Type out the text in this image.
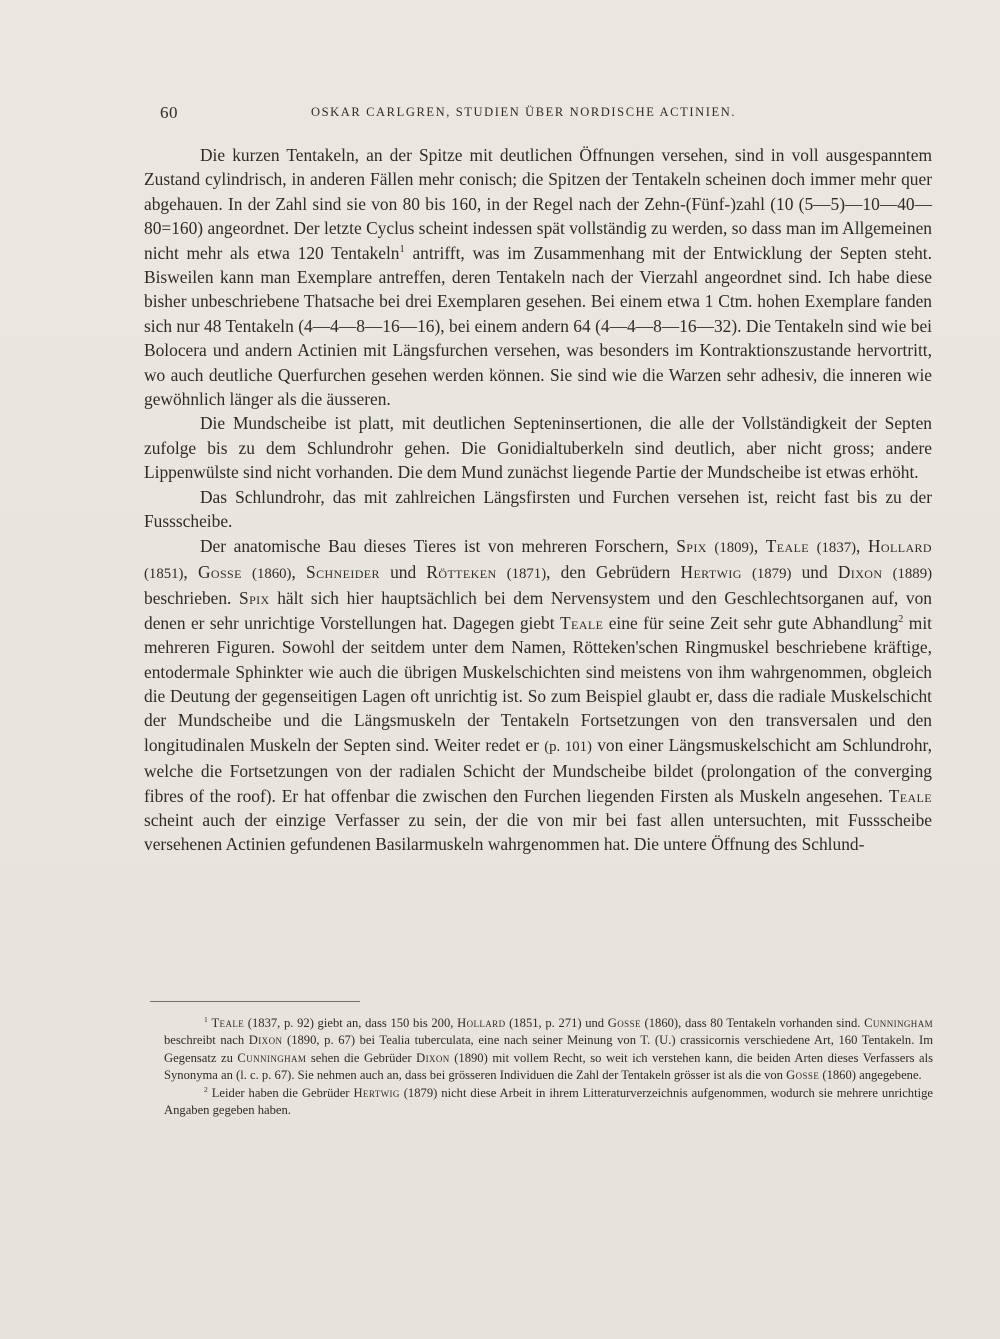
60	OSKAR CARLGREN, STUDIEN ÜBER NORDISCHE ACTINIEN.

Die kurzen Tentakeln, an der Spitze mit deutlichen Öffnungen versehen, sind in voll ausgespanntem Zustand cylindrisch, in anderen Fällen mehr conisch; die Spitzen der Tentakeln scheinen doch immer mehr quer abgehauen. In der Zahl sind sie von 80 bis 160, in der Regel nach der Zehn-(Fünf-)zahl (10 (5—5)—10—40—80=160) angeordnet. Der letzte Cyclus scheint indessen spät vollständig zu werden, so dass man im Allgemeinen nicht mehr als etwa 120 Tentakeln$^1$ antrifft, was im Zusammenhang mit der Entwicklung der Septen steht. Bisweilen kann man Exemplare antreffen, deren Tentakeln nach der Vierzahl angeordnet sind. Ich habe diese bisher unbeschriebene Thatsache bei drei Exemplaren gesehen. Bei einem etwa 1 Ctm. hohen Exemplare fanden sich nur 48 Tentakeln (4—4—8—16—16), bei einem andern 64 (4—4—8—16—32). Die Tentakeln sind wie bei Bolocera und andern Actinien mit Längsfurchen versehen, was besonders im Kontraktionszustande hervortritt, wo auch deutliche Querfurchen gesehen werden können. Sie sind wie die Warzen sehr adhesiv, die inneren wie gewöhnlich länger als die äusseren.

Die Mundscheibe ist platt, mit deutlichen Septeninsertionen, die alle der Vollständigkeit der Septen zufolge bis zu dem Schlundrohr gehen. Die Gonidialtuberkeln sind deutlich, aber nicht gross; andere Lippenwülste sind nicht vorhanden. Die dem Mund zunächst liegende Partie der Mundscheibe ist etwas erhöht.

Das Schlundrohr, das mit zahlreichen Längsfirsten und Furchen versehen ist, reicht fast bis zu der Fussscheibe.

Der anatomische Bau dieses Tieres ist von mehreren Forschern, Spix (1809), Teale (1837), Hollard (1851), Gosse (1860), Schneider und Rötteken (1871), den Gebrüdern Hertwig (1879) und Dixon (1889) beschrieben. Spix hält sich hier hauptsächlich bei dem Nervensystem und den Geschlechtsorganen auf, von denen er sehr unrichtige Vorstellungen hat. Dagegen giebt Teale eine für seine Zeit sehr gute Abhandlung$^2$ mit mehreren Figuren. Sowohl der seitdem unter dem Namen, Rötteken'schen Ringmuskel beschriebene kräftige, entodermale Sphinkter wie auch die übrigen Muskelschichten sind meistens von ihm wahrgenommen, obgleich die Deutung der gegenseitigen Lagen oft unrichtig ist. So zum Beispiel glaubt er, dass die radiale Muskelschicht der Mundscheibe und die Längsmuskeln der Tentakeln Fortsetzungen von den transversalen und den longitudinalen Muskeln der Septen sind. Weiter redet er (p. 101) von einer Längsmuskelschicht am Schlundrohr, welche die Fortsetzungen von der radialen Schicht der Mundscheibe bildet (prolongation of the converging fibres of the roof). Er hat offenbar die zwischen den Furchen liegenden Firsten als Muskeln angesehen. Teale scheint auch der einzige Verfasser zu sein, der die von mir bei fast allen untersuchten, mit Fussscheibe versehenen Actinien gefundenen Basilarmuskeln wahrgenommen hat. Die untere Öffnung des Schlund-

$^1$ Teale (1837, p. 92) giebt an, dass 150 bis 200, Hollard (1851, p. 271) und Gosse (1860), dass 80 Tentakeln vorhanden sind. Cunningham beschreibt nach Dixon (1890, p. 67) bei Tealia tuberculata, eine nach seiner Meinung von T. (U.) crassicornis verschiedene Art, 160 Tentakeln. Im Gegensatz zu Cunningham sehen die Gebrüder Dixon (1890) mit vollem Recht, so weit ich verstehen kann, die beiden Arten dieses Verfassers als Synonyma an (l. c. p. 67). Sie nehmen auch an, dass bei grösseren Individuen die Zahl der Tentakeln grösser ist als die von Gosse (1860) angegebene.

$^2$ Leider haben die Gebrüder Hertwig (1879) nicht diese Arbeit in ihrem Litteraturverzeichnis aufgenommen, wodurch sie mehrere unrichtige Angaben gegeben haben.
